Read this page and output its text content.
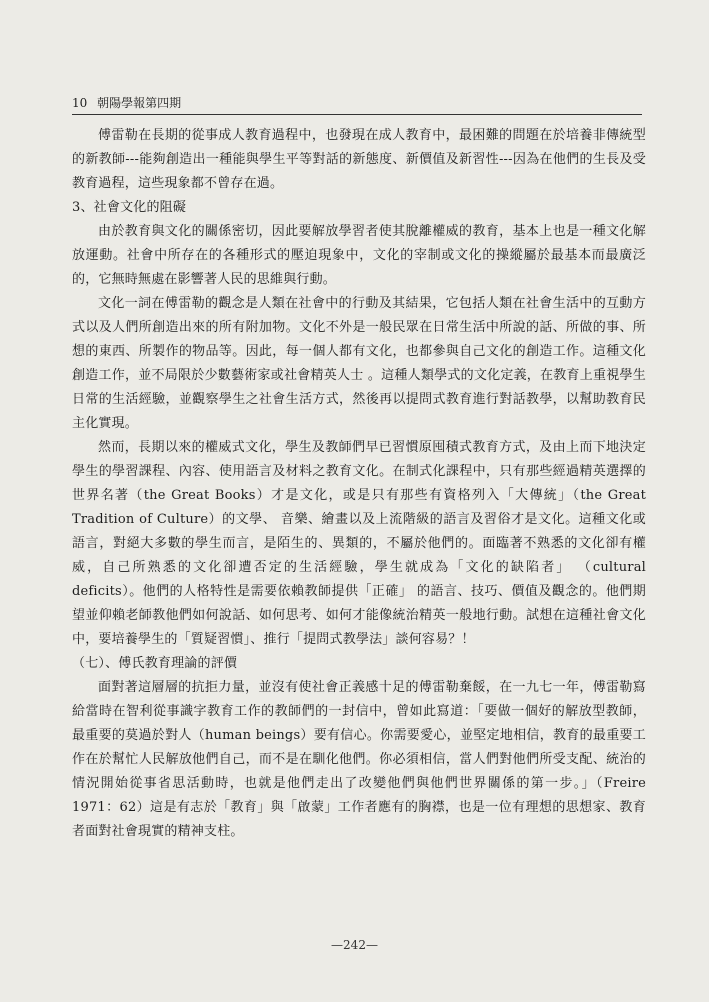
10 朝陽學報第四期

傅雷勒在長期的從事成人教育過程中，也發現在成人教育中，最困難的問題在於培養非傳統型的新教師---能夠創造出一種能與學生平等對話的新態度、新價值及新習性---因為在他們的生長及受教育過程，這些現象都不曾存在過。

3、社會文化的阻礙

由於教育與文化的關係密切，因此要解放學習者使其脫離權威的教育，基本上也是一種文化解放運動。社會中所存在的各種形式的壓迫現象中，文化的宰制或文化的操縱屬於最基本而最廣泛的，它無時無處在影響著人民的思維與行動。

文化一詞在傅雷勒的觀念是人類在社會中的行動及其結果，它包括人類在社會生活中的互動方式以及人們所創造出來的所有附加物。文化不外是一般民眾在日常生活中所說的話、所做的事、所想的東西、所製作的物品等。因此，每一個人都有文化，也都參與自己文化的創造工作。這種文化創造工作，並不局限於少數藝術家或社會精英人士 。這種人類學式的文化定義，在教育上重視學生日常的生活經驗，並觀察學生之社會生活方式，然後再以提問式教育進行對話教學，以幫助教育民主化實現。

然而，長期以來的權威式文化，學生及教師們早已習慣原囤積式教育方式，及由上而下地決定學生的學習課程、內容、使用語言及材料之教育文化。在制式化課程中，只有那些經過精英選擇的世界名著（the Great Books）才是文化，或是只有那些有資格列入「大傳統」（the Great Tradition of Culture）的文學、 音樂、繪畫以及上流階級的語言及習俗才是文化。這種文化或語言，對絕大多數的學生而言，是陌生的、異類的，不屬於他們的。面臨著不熟悉的文化卻有權威，自己所熟悉的文化卻遭否定的生活經驗，學生就成為「文化的缺陷者」 （cultural deficits）。他們的人格特性是需要依賴教師提供「正確」 的語言、技巧、價值及觀念的。他們期望並仰賴老師教他們如何說話、如何思考、如何才能像統治精英一般地行動。試想在這種社會文化中，要培養學生的「質疑習慣」、推行「提問式教學法」談何容易？！

（七）、傅氏教育理論的評價

面對著這層層的抗拒力量，並沒有使社會正義感十足的傅雷勒棄餒，在一九七一年，傅雷勒寫給當時在智利從事識字教育工作的教師們的一封信中，曾如此寫道：「要做一個好的解放型教師，最重要的莫過於對人（human beings）要有信心。你需要愛心，並堅定地相信，教育的最重要工作在於幫忙人民解放他們自己，而不是在馴化他們。你必須相信，當人們對他們所受支配、統治的情況開始從事省思活動時，也就是他們走出了改變他們與他們世界關係的第一步。」（Freire 1971：62）這是有志於「教育」與「啟蒙」工作者應有的胸襟，也是一位有理想的思想家、教育者面對社會現實的精神支柱。

—242—
